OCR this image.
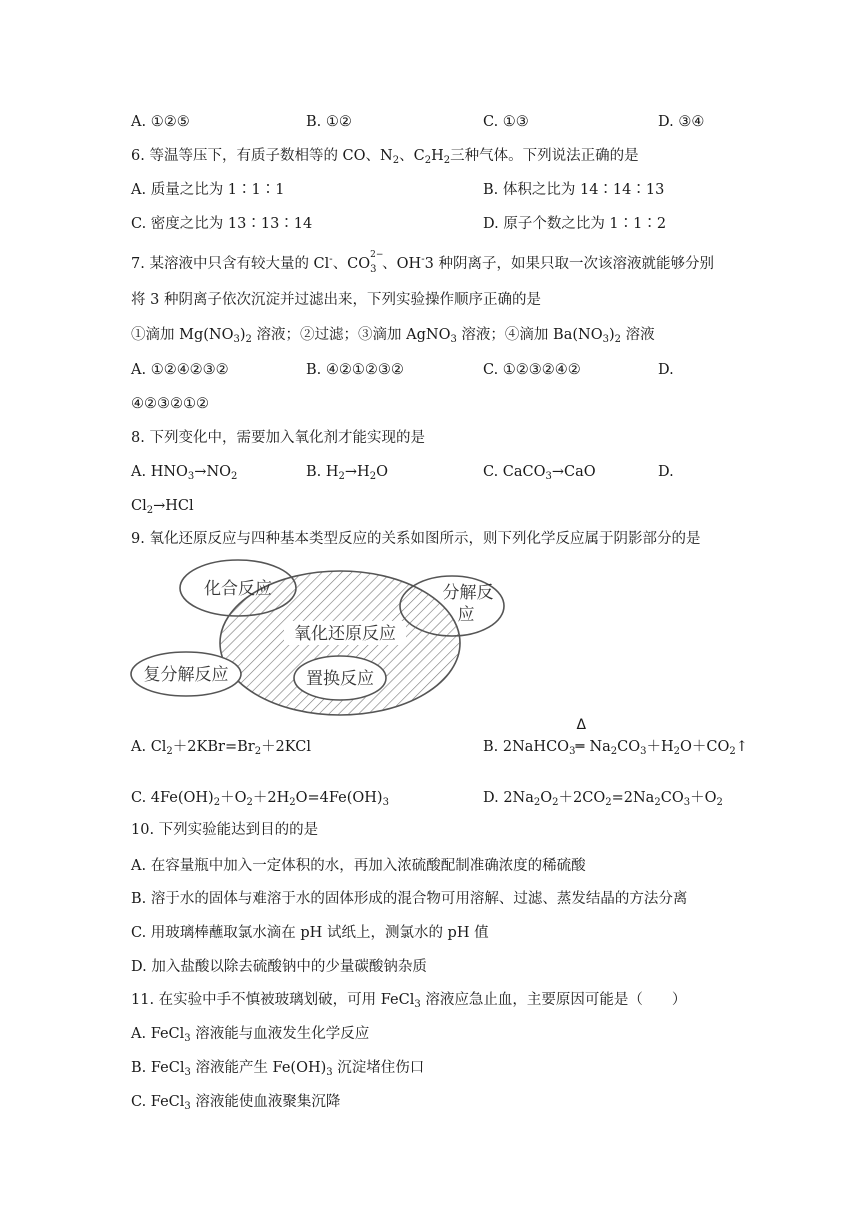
A. ①②⑤	B. ①②	C. ①③	D. ③④
6. 等温等压下，有质子数相等的 CO、$N_2$、$C_2H_2$三种气体。下列说法正确的是
A. 质量之比为 1∶1∶1	B. 体积之比为 14∶14∶13
C. 密度之比为 13∶13∶14	D. 原子个数之比为 1∶1∶2
7. 某溶液中只含有较大量的 Cl-、CO
2−
3 、OH-3 种阴离子，如果只取一次该溶液就能够分别
将 3 种阴离子依次沉淀并过滤出来，下列实验操作顺序正确的是
①滴加 $Mg(NO_3)_2$ 溶液；②过滤；③滴加 AgNO$_3$ 溶液；④滴加 $Ba(NO_3)_2$ 溶液
A. ①②④②③②	B. ④②①②③②	C. ①②③②④②	D.
④②③②①②
8. 下列变化中，需要加入氧化剂才能实现的是
A. $HNO_3\to NO_2$	B. $H_2\to H_2O$	C. CaCO$_3$→CaO	D.
$Cl_2\to HCl$
9. 氧化还原反应与四种基本类型反应的关系如图所示，则下列化学反应属于阴影部分的是
化合反应	分解反
应
氧化还原反应
复分解反应	置换反应
A. $Cl_2+2KBr=Br_2+2KCl$	B. 2NaHCO$_3$
Δ
═ $Na_2CO_3+H_2O+CO_2↑$
C. $4Fe(OH)_2+O_2+2H_2O=4Fe(OH)_3$	D. $2Na_2O_2+2CO_2=2Na_2CO_3+O_2$
10. 下列实验能达到目的的是
A. 在容量瓶中加入一定体积的水，再加入浓硫酸配制准确浓度的稀硫酸
B. 溶于水的固体与难溶于水的固体形成的混合物可用溶解、过滤、蒸发结晶的方法分离
C. 用玻璃棒蘸取氯水滴在 pH 试纸上，测氯水的 pH 值
D. 加入盐酸以除去硫酸钠中的少量碳酸钠杂质
11. 在实验中手不慎被玻璃划破，可用 FeCl$_3$ 溶液应急止血，主要原因可能是（　　）
A. FeCl$_3$ 溶液能与血液发生化学反应
B. FeCl$_3$ 溶液能产生 $Fe(OH)_3$ 沉淀堵住伤口
C. FeCl$_3$ 溶液能使血液聚集沉降
